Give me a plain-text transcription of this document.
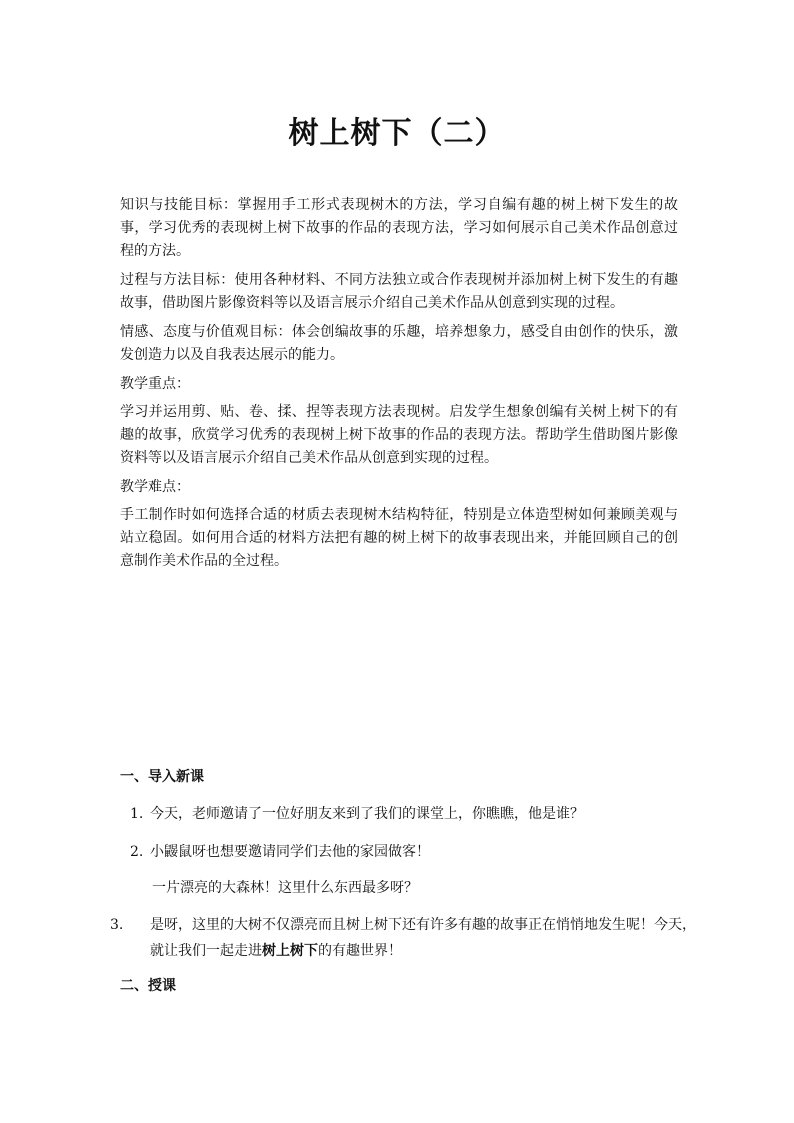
树上树下（二）

知识与技能目标：掌握用手工形式表现树木的方法，学习自编有趣的树上树下发生的故事，学习优秀的表现树上树下故事的作品的表现方法，学习如何展示自己美术作品创意过程的方法。

过程与方法目标：使用各种材料、不同方法独立或合作表现树并添加树上树下发生的有趣故事，借助图片影像资料等以及语言展示介绍自己美术作品从创意到实现的过程。

情感、态度与价值观目标：体会创编故事的乐趣，培养想象力，感受自由创作的快乐，激发创造力以及自我表达展示的能力。

教学重点：

学习并运用剪、贴、卷、揉、捏等表现方法表现树。启发学生想象创编有关树上树下的有趣的故事，欣赏学习优秀的表现树上树下故事的作品的表现方法。帮助学生借助图片影像资料等以及语言展示介绍自己美术作品从创意到实现的过程。

教学难点：

手工制作时如何选择合适的材质去表现树木结构特征，特别是立体造型树如何兼顾美观与站立稳固。如何用合适的材料方法把有趣的树上树下的故事表现出来，并能回顾自己的创意制作美术作品的全过程。

一、导入新课
1. 今天，老师邀请了一位好朋友来到了我们的课堂上，你瞧瞧，他是谁？
2. 小鼹鼠呀也想要邀请同学们去他的家园做客！
一片漂亮的大森林！这里什么东西最多呀？
3. 是呀，这里的大树不仅漂亮而且树上树下还有许多有趣的故事正在悄悄地发生呢！今天，就让我们一起走进树上树下的有趣世界！
二、授课
